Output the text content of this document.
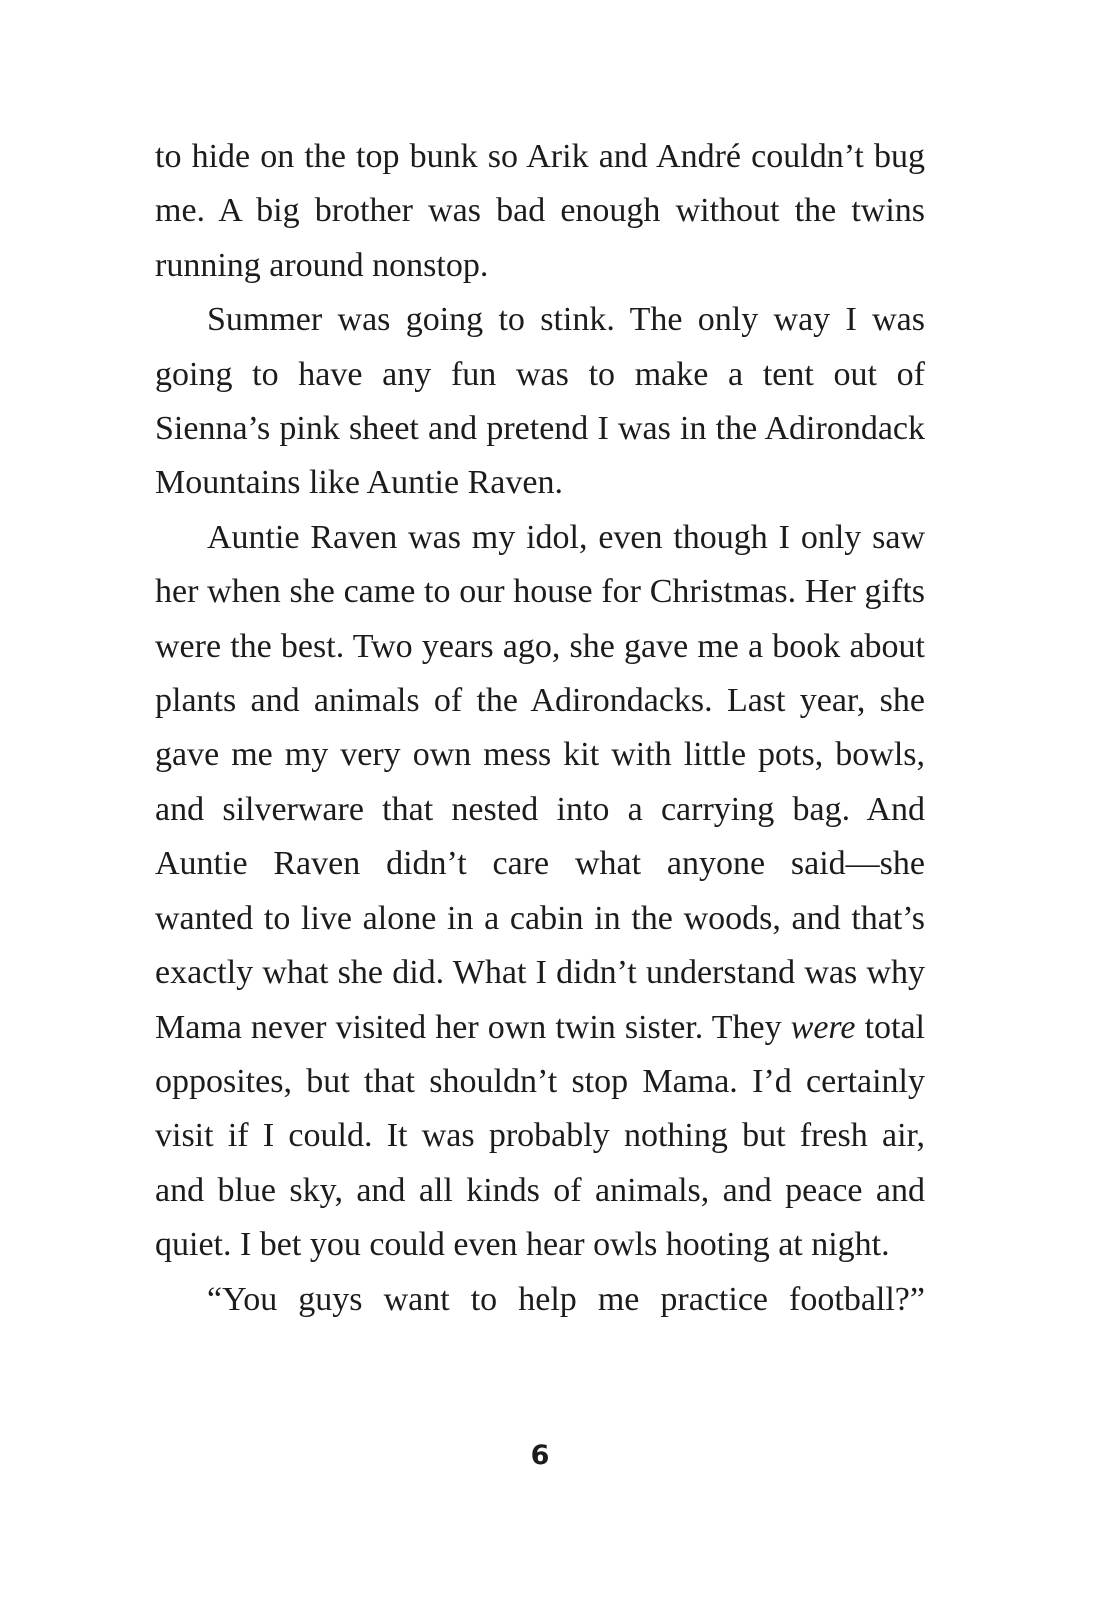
to hide on the top bunk so Arik and André couldn’t bug me. A big brother was bad enough without the twins running around nonstop.

Summer was going to stink. The only way I was going to have any fun was to make a tent out of Sienna’s pink sheet and pretend I was in the Adirondack Mountains like Auntie Raven.

Auntie Raven was my idol, even though I only saw her when she came to our house for Christmas. Her gifts were the best. Two years ago, she gave me a book about plants and animals of the Adirondacks. Last year, she gave me my very own mess kit with little pots, bowls, and silverware that nested into a carrying bag. And Auntie Raven didn’t care what anyone said—she wanted to live alone in a cabin in the woods, and that’s exactly what she did. What I didn’t understand was why Mama never visited her own twin sister. They were total opposites, but that shouldn’t stop Mama. I’d certainly visit if I could. It was probably nothing but fresh air, and blue sky, and all kinds of animals, and peace and quiet. I bet you could even hear owls hooting at night.

“You guys want to help me practice football?”

6
